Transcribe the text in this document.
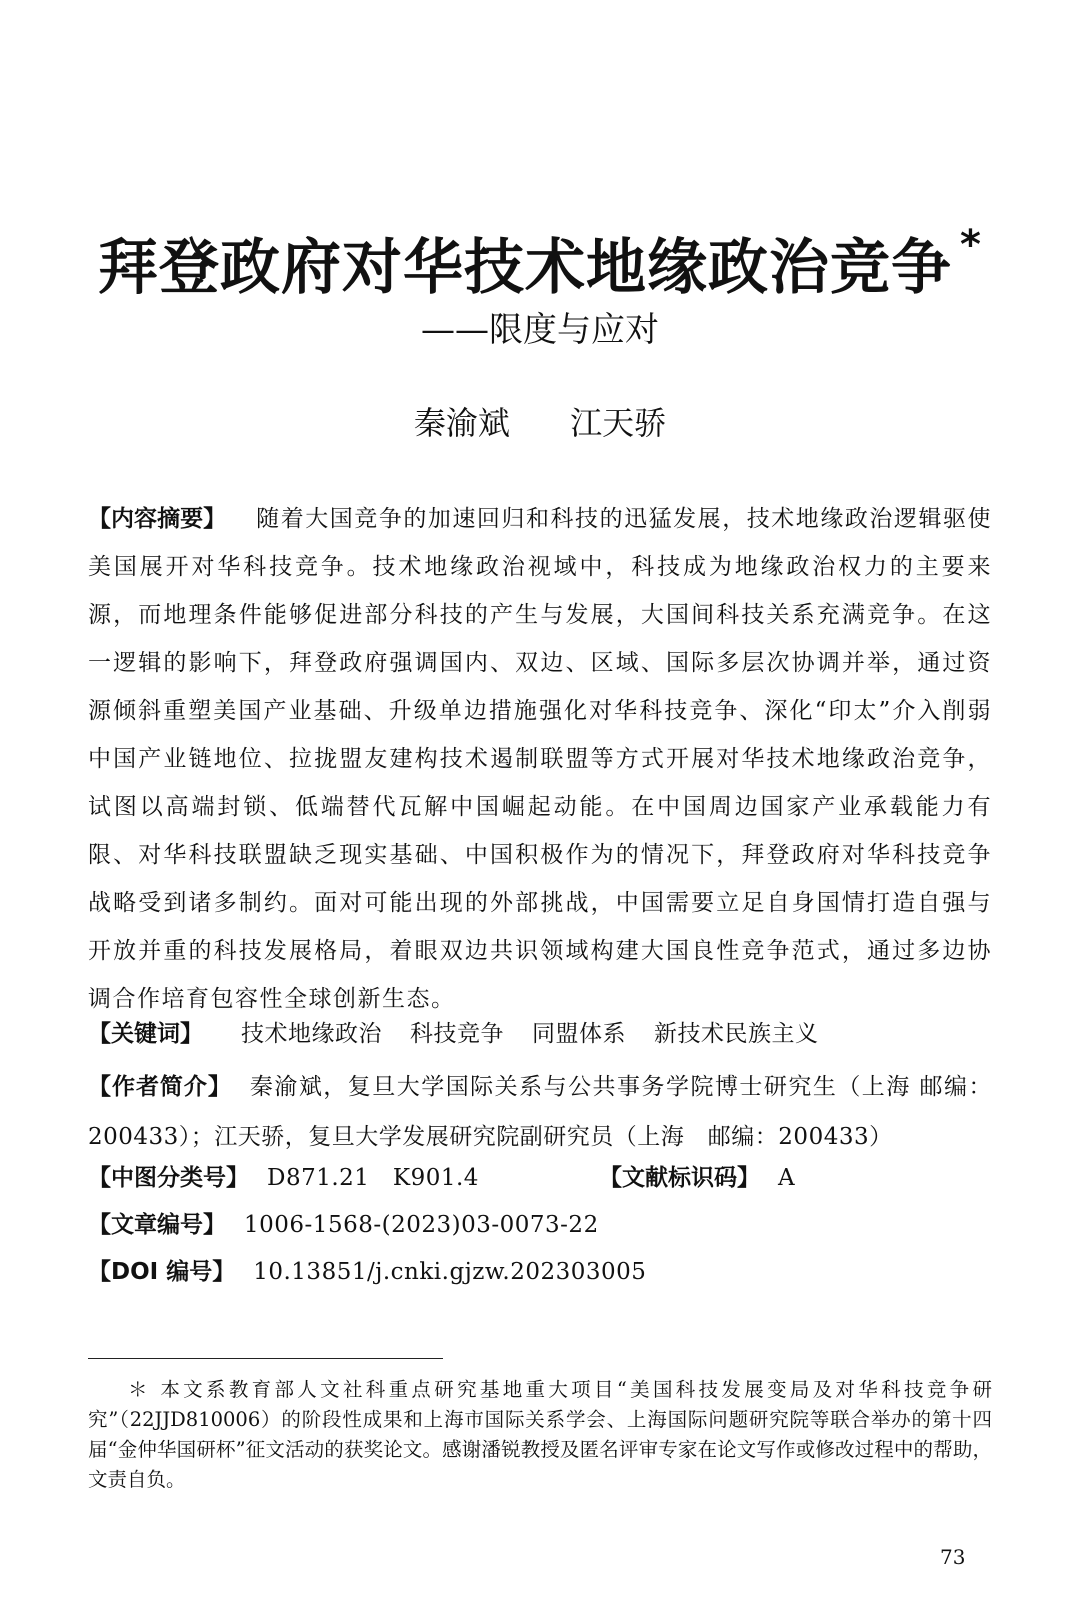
拜登政府对华技术地缘政治竞争 *
——限度与应对
秦渝斌 江天骄
【内容摘要】 随着大国竞争的加速回归和科技的迅猛发展，技术地缘政治逻辑驱使美国展开对华科技竞争。技术地缘政治视域中，科技成为地缘政治权力的主要来源，而地理条件能够促进部分科技的产生与发展，大国间科技关系充满竞争。在这一逻辑的影响下，拜登政府强调国内、双边、区域、国际多层次协调并举，通过资源倾斜重塑美国产业基础、升级单边措施强化对华科技竞争、深化“印太”介入削弱中国产业链地位、拉拢盟友建构技术遏制联盟等方式开展对华技术地缘政治竞争，试图以高端封锁、低端替代瓦解中国崛起动能。在中国周边国家产业承载能力有限、对华科技联盟缺乏现实基础、中国积极作为的情况下，拜登政府对华科技竞争战略受到诸多制约。面对可能出现的外部挑战，中国需要立足自身国情打造自强与开放并重的科技发展格局，着眼双边共识领域构建大国良性竞争范式，通过多边协调合作培育包容性全球创新生态。
【关键词】 技术地缘政治 科技竞争 同盟体系 新技术民族主义
【作者简介】 秦渝斌，复旦大学国际关系与公共事务学院博士研究生（上海 邮编：200433）；江天骄，复旦大学发展研究院副研究员（上海　邮编：200433）
【中图分类号】 D871.21　K901.4	【文献标识码】 A
【文章编号】 1006-1568-(2023)03-0073-22
【DOI 编号】 10.13851/j.cnki.gjzw.202303005
＊ 本文系教育部人文社科重点研究基地重大项目“美国科技发展变局及对华科技竞争研究”（22JJD810006）的阶段性成果和上海市国际关系学会、上海国际问题研究院等联合举办的第十四届“金仲华国研杯”征文活动的获奖论文。感谢潘锐教授及匿名评审专家在论文写作或修改过程中的帮助，文责自负。
73
